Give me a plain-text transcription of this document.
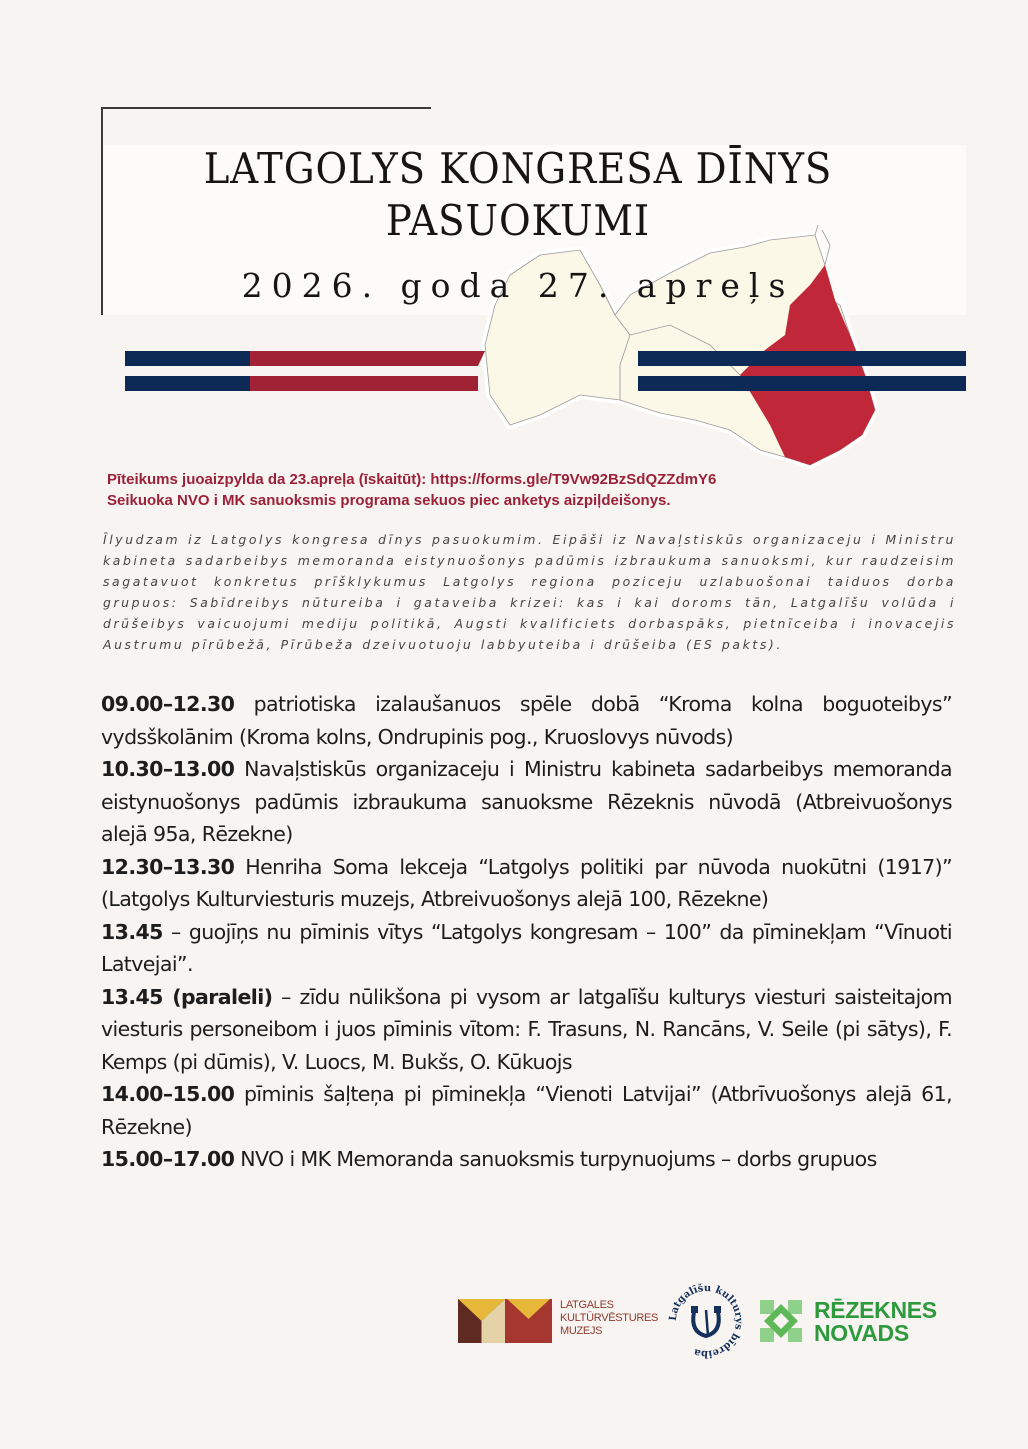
LATGOLYS KONGRESA DĪNYS
PASUOKUMI
2026. goda 27. apreļs
Pīteikums juoaizpylda da 23.apreļa (īskaitūt): https://forms.gle/T9Vw92BzSdQZZdmY6
Seikuoka NVO i MK sanuoksmis programa sekuos piec anketys aizpiļdeišonys.
Īlyudzam iz Latgolys kongresa dīnys pasuokumim. Eipāši iz Navaļstiskūs organizaceju i Ministru kabineta sadarbeibys memoranda eistynuošonys padūmis izbraukuma sanuoksmi, kur raudzeisim sagatavuot konkretus prīšklykumus Latgolys regiona poziceju uzlabuošonai taiduos dorba grupuos: Sabīdreibys nūtureiba i gataveiba krizei: kas i kai doroms tān, Latgalīšu volūda i drūšeibys vaicuojumi mediju politikā, Augsti kvalificiets dorbaspāks, pietnīceiba i inovacejis Austrumu pīrūbežā, Pīrūbeža dzeivuotuoju labbyuteiba i drūšeiba (ES pakts).

09.00–12.30 patriotiska izalaušanuos spēle dobā “Kroma kolna boguoteibys” vydsškolānim (Kroma kolns, Ondrupinis pog., Kruoslovys nūvods)

10.30–13.00 Navaļstiskūs organizaceju i Ministru kabineta sadarbeibys memoranda eistynuošonys padūmis izbraukuma sanuoksme Rēzeknis nūvodā (Atbreivuošonys alejā 95a, Rēzekne)

12.30–13.30 Henriha Soma lekceja “Latgolys politiki par nūvoda nuokūtni (1917)” (Latgolys Kulturviesturis muzejs, Atbreivuošonys alejā 100, Rēzekne)

13.45 – guojīņs nu pīminis vītys “Latgolys kongresam – 100” da pīminekļam “Vīnuoti Latvejai”.

13.45 (paraleli) – zīdu nūlikšona pi vysom ar latgalīšu kulturys viesturi saisteitajom viesturis personeibom i juos pīminis vītom: F. Trasuns, N. Rancāns, V. Seile (pi sātys), F. Kemps (pi dūmis), V. Luocs, M. Bukšs, O. Kūkuojs

14.00–15.00 pīminis šaļteņa pi pīminekļa “Vienoti Latvijai” (Atbrīvuošonys alejā 61, Rēzekne)

15.00–17.00 NVO i MK Memoranda sanuoksmis turpynuojums – dorbs grupuos

LATGALES
KULTŪRVĒSTURES
MUZEJS
Latgalīšu kulturys bīdreiba
RĒZEKNES
NOVADS
